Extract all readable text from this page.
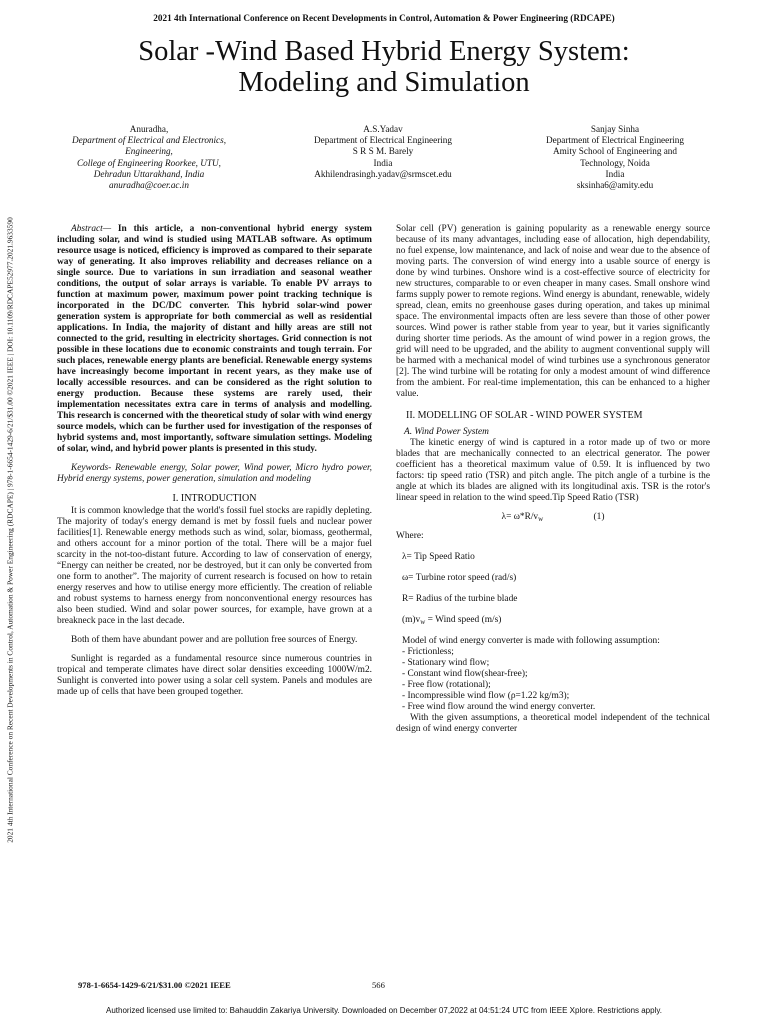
2021 4th International Conference on Recent Developments in Control, Automation & Power Engineering (RDCAPE)
Solar -Wind Based Hybrid Energy System:
Modeling and Simulation
2021 4th International Conference on Recent Developments in Control, Automation & Power Engineering (RDCAPE) | 978-1-6654-1429-6/21/$31.00 ©2021 IEEE | DOI: 10.1109/RDCAPE52977.2021.9633590
Anuradha,
Department of Electrical and Electronics,
Engineering,
College of Engineering Roorkee, UTU,
Dehradun Uttarakhand, India
anuradha@coer.ac.in
A.S.Yadav
Department of Electrical Engineering
S R S M. Barely
India
Akhilendrasingh.yadav@srmscet.edu
Sanjay Sinha
Department of Electrical Engineering
Amity School of Engineering and
Technology, Noida
India
sksinha6@amity.edu

Abstract— In this article, a non-conventional hybrid energy system including solar, and wind is studied using MATLAB software. As optimum resource usage is noticed, efficiency is improved as compared to their separate way of generating. It also improves reliability and decreases reliance on a single source. Due to variations in sun irradiation and seasonal weather conditions, the output of solar arrays is variable. To enable PV arrays to function at maximum power, maximum power point tracking technique is incorporated in the DC/DC converter. This hybrid solar-wind power generation system is appropriate for both commercial as well as residential applications. In India, the majority of distant and hilly areas are still not connected to the grid, resulting in electricity shortages. Grid connection is not possible in these locations due to economic constraints and tough terrain. For such places, renewable energy plants are beneficial. Renewable energy systems have increasingly become important in recent years, as they make use of locally accessible resources. and can be considered as the right solution to energy production. Because these systems are rarely used, their implementation necessitates extra care in terms of analysis and modelling. This research is concerned with the theoretical study of solar with wind energy source models, which can be further used for investigation of the responses of hybrid systems and, most importantly, software simulation settings. Modeling of solar, wind, and hybrid power plants is presented in this study.

Keywords- Renewable energy, Solar power, Wind power, Micro hydro power, Hybrid energy systems, power generation, simulation and modeling

I. INTRODUCTION

It is common knowledge that the world's fossil fuel stocks are rapidly depleting. The majority of today's energy demand is met by fossil fuels and nuclear power facilities[1]. Renewable energy methods such as wind, solar, biomass, geothermal, and others account for a minor portion of the total. There will be a major fuel scarcity in the not-too-distant future. According to law of conservation of energy, “Energy can neither be created, nor be destroyed, but it can only be converted from one form to another”. The majority of current research is focused on how to retain energy reserves and how to utilise energy more efficiently. The creation of reliable and robust systems to harness energy from nonconventional energy resources has also been studied. Wind and solar power sources, for example, have grown at a breakneck pace in the last decade.

Both of them have abundant power and are pollution free sources of Energy.

Sunlight is regarded as a fundamental resource since numerous countries in tropical and temperate climates have direct solar densities exceeding 1000W/m2. Sunlight is converted into power using a solar cell system. Panels and modules are made up of cells that have been grouped together.

Solar cell (PV) generation is gaining popularity as a renewable energy source because of its many advantages, including ease of allocation, high dependability, no fuel expense, low maintenance, and lack of noise and wear due to the absence of moving parts. The conversion of wind energy into a usable source of energy is done by wind turbines. Onshore wind is a cost-effective source of electricity for new structures, comparable to or even cheaper in many cases. Small onshore wind farms supply power to remote regions. Wind energy is abundant, renewable, widely spread, clean, emits no greenhouse gases during operation, and takes up minimal space. The environmental impacts often are less severe than those of other power sources. Wind power is rather stable from year to year, but it varies significantly during shorter time periods. As the amount of wind power in a region grows, the grid will need to be upgraded, and the ability to augment conventional supply will be harmed with a mechanical model of wind turbines use a synchronous generator [2]. The wind turbine will be rotating for only a modest amount of wind difference from the ambient. For real-time implementation, this can be enhanced to a higher value.

II. MODELLING OF SOLAR - WIND POWER SYSTEM
A. Wind Power System

The kinetic energy of wind is captured in a rotor made up of two or more blades that are mechanically connected to an electrical generator. The power coefficient has a theoretical maximum value of 0.59. It is influenced by two factors: tip speed ratio (TSR) and pitch angle. The pitch angle of a turbine is the angle at which its blades are aligned with its longitudinal axis. TSR is the rotor's linear speed in relation to the wind speed.Tip Speed Ratio (TSR)

$\lambda= \omega*R/v_w$	(1)
Where:
λ= Tip Speed Ratio
ω= Turbine rotor speed (rad/s)
R= Radius of the turbine blade
$(m)v_w$ = Wind speed (m/s)

Model of wind energy converter is made with following assumption:

- Frictionless;
- Stationary wind flow;
- Constant wind flow(shear-free);
- Free flow (rotational);
- Incompressible wind flow (ρ=1.22 kg/m3);
- Free wind flow around the wind energy converter.

With the given assumptions, a theoretical model independent of the technical design of wind energy converter

978-1-6654-1429-6/21/$31.00 ©2021 IEEE	566
Authorized licensed use limited to: Bahauddin Zakariya University. Downloaded on December 07,2022 at 04:51:24 UTC from IEEE Xplore. Restrictions apply.
